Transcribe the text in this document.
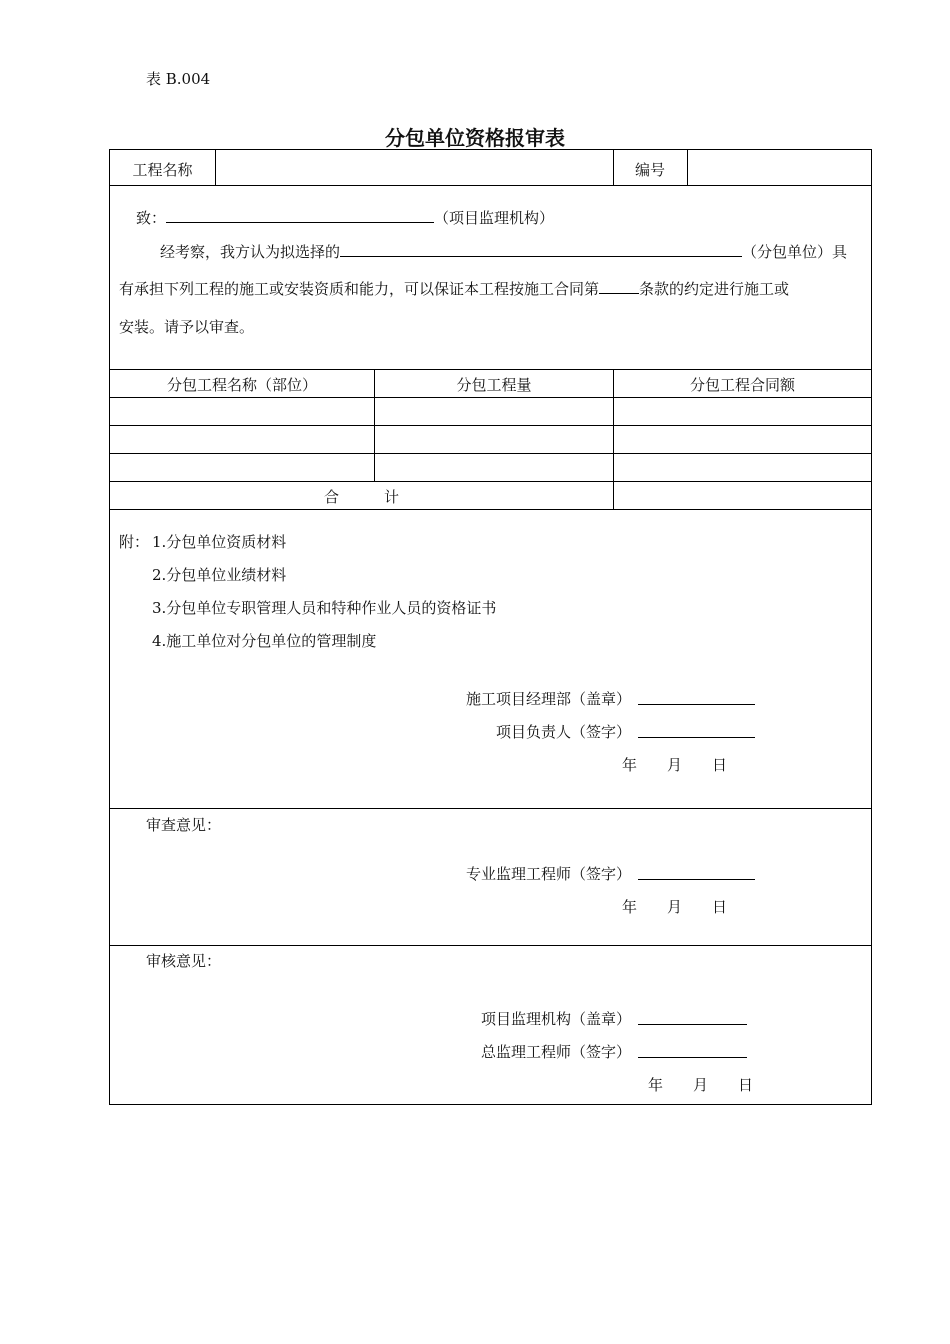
表 B.004
分包单位资格报审表
工程名称	编号
致：	（项目监理机构）
经考察，我方认为拟选择的	（分包单位）具
有承担下列工程的施工或安装资质和能力，可以保证本工程按施工合同第	条款的约定进行施工或
安装。请予以审查。
分包工程名称（部位）	分包工程量	分包工程合同额
合　　　计
附： 1.分包单位资质材料
2.分包单位业绩材料
3.分包单位专职管理人员和特种作业人员的资格证书
4.施工单位对分包单位的管理制度
施工项目经理部（盖章）
项目负责人（签字）
年　　月　　日
审查意见：
专业监理工程师（签字）
年　　月　　日
审核意见：
项目监理机构（盖章）
总监理工程师（签字）
年　　月　　日
